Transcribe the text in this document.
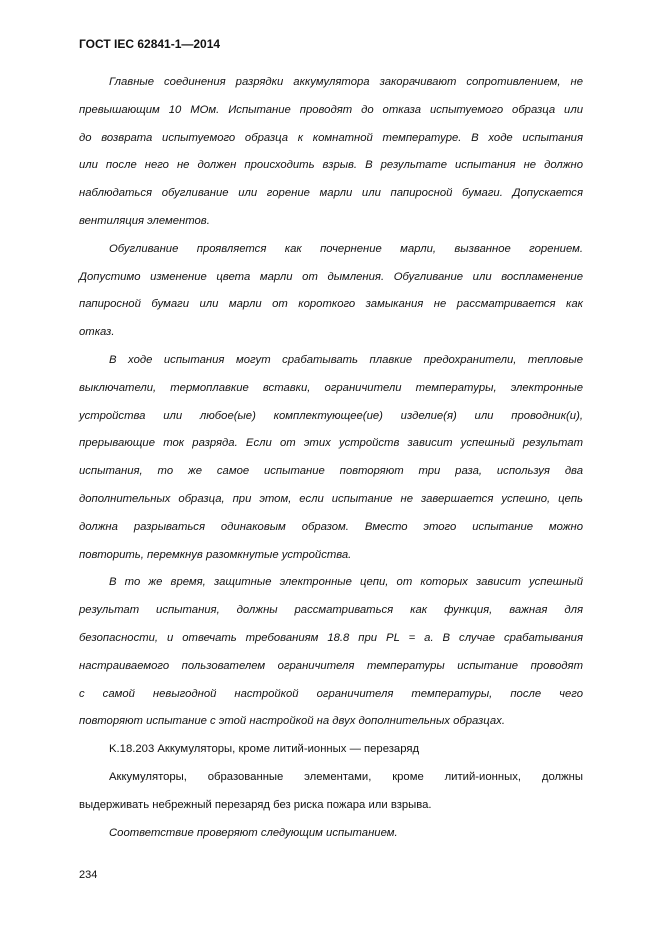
ГОСТ IEC 62841-1—2014
Главные соединения разрядки аккумулятора закорачивают сопротивлением, не
превышающим 10 МОм. Испытание проводят до отказа испытуемого образца или
до возврата испытуемого образца к комнатной температуре. В ходе испытания
или после него не должен происходить взрыв. В результате испытания не должно
наблюдаться обугливание или горение марли или папиросной бумаги. Допускается
вентиляция элементов.
Обугливание проявляется как почернение марли, вызванное горением.
Допустимо изменение цвета марли от дымления. Обугливание или воспламенение
папиросной бумаги или марли от короткого замыкания не рассматривается как
отказ.
В ходе испытания могут срабатывать плавкие предохранители, тепловые
выключатели, термоплавкие вставки, ограничители температуры, электронные
устройства или любое(ые) комплектующее(ие) изделие(я) или проводник(и),
прерывающие ток разряда. Если от этих устройств зависит успешный результат
испытания, то же самое испытание повторяют три раза, используя два
дополнительных образца, при этом, если испытание не завершается успешно, цепь
должна разрываться одинаковым образом. Вместо этого испытание можно
повторить, перемкнув разомкнутые устройства.
В то же время, защитные электронные цепи, от которых зависит успешный
результат испытания, должны рассматриваться как функция, важная для
безопасности, и отвечать требованиям 18.8 при PL = a. В случае срабатывания
настраиваемого пользователем ограничителя температуры испытание проводят
с самой невыгодной настройкой ограничителя температуры, после чего
повторяют испытание с этой настройкой на двух дополнительных образцах.
K.18.203 Аккумуляторы, кроме литий-ионных — перезаряд
Аккумуляторы, образованные элементами, кроме литий-ионных, должны
выдерживать небрежный перезаряд без риска пожара или взрыва.
Соответствие проверяют следующим испытанием.
234
